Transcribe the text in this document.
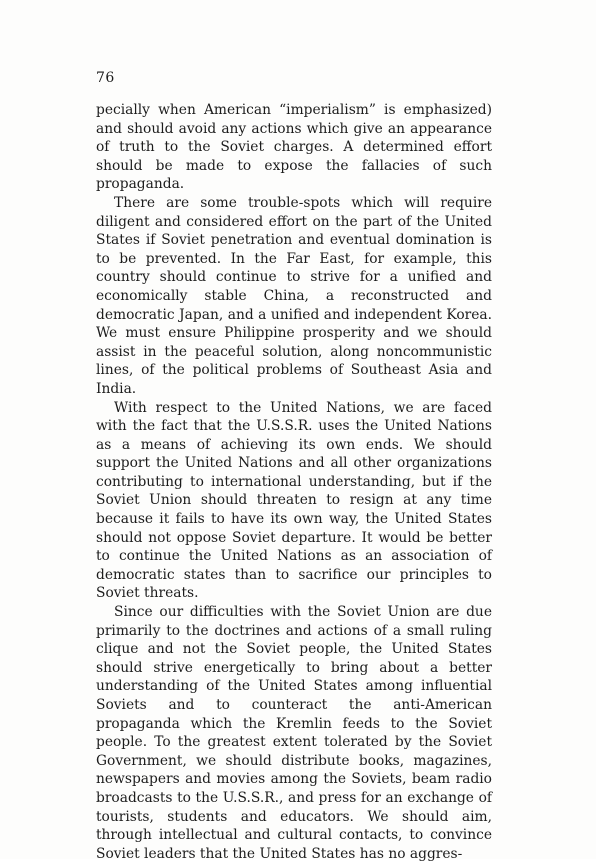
76

pecially when American “imperialism” is emphasized) and should avoid any actions which give an appearance of truth to the Soviet charges. A determined effort should be made to expose the fallacies of such propaganda.

There are some trouble-spots which will require diligent and considered effort on the part of the United States if Soviet penetration and eventual domination is to be prevented. In the Far East, for example, this country should continue to strive for a unified and economically stable China, a reconstructed and democratic Japan, and a unified and independent Korea. We must ensure Philippine prosperity and we should assist in the peaceful solution, along noncommunistic lines, of the political problems of Southeast Asia and India.

With respect to the United Nations, we are faced with the fact that the U.S.S.R. uses the United Nations as a means of achieving its own ends. We should support the United Nations and all other organizations contributing to international understanding, but if the Soviet Union should threaten to resign at any time because it fails to have its own way, the United States should not oppose Soviet departure. It would be better to continue the United Nations as an association of democratic states than to sacrifice our principles to Soviet threats.

Since our difficulties with the Soviet Union are due primarily to the doctrines and actions of a small ruling clique and not the Soviet people, the United States should strive energetically to bring about a better understanding of the United States among influential Soviets and to counteract the anti-American propaganda which the Kremlin feeds to the Soviet people. To the greatest extent tolerated by the Soviet Government, we should distribute books, magazines, newspapers and movies among the Soviets, beam radio broadcasts to the U.S.S.R., and press for an exchange of tourists, students and educators. We should aim, through intellectual and cultural contacts, to convince Soviet leaders that the United States has no aggres-
